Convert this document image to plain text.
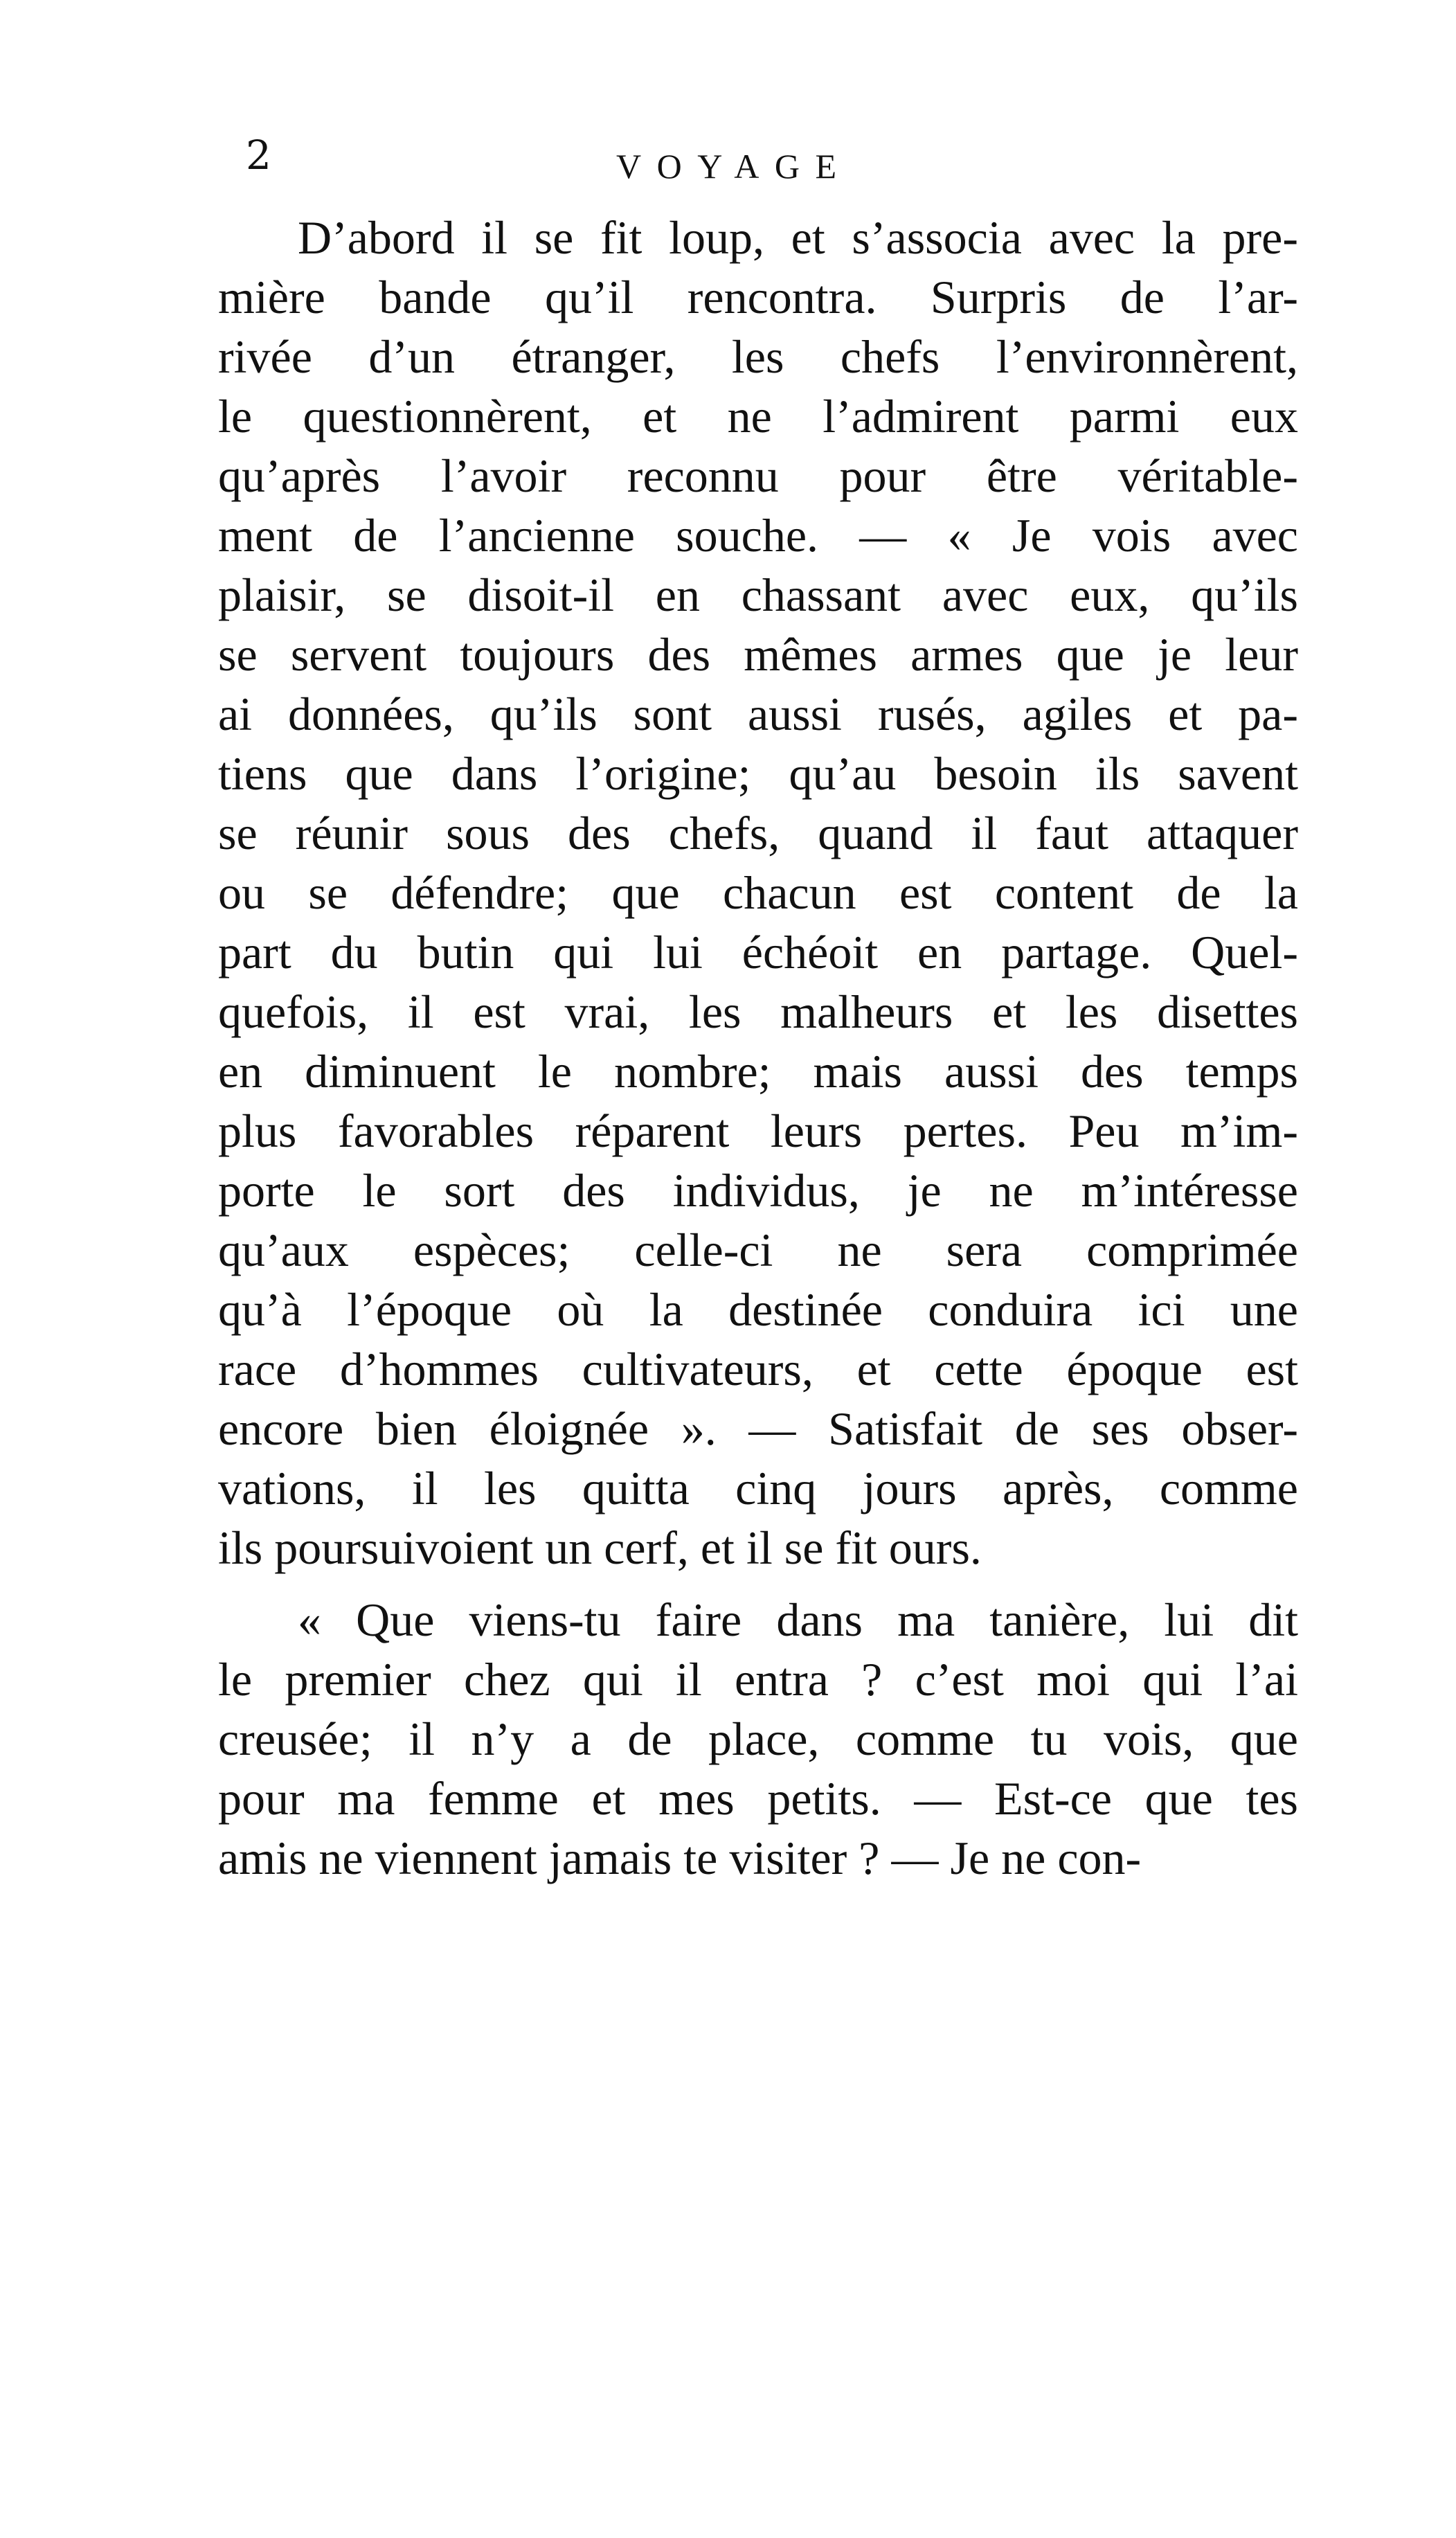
2	VOYAGE
D’abord il se fit loup, et s’associa avec la pre-
mière bande qu’il rencontra. Surpris de l’ar-
rivée d’un étranger, les chefs l’environnèrent,
le questionnèrent, et ne l’admirent parmi eux
qu’après l’avoir reconnu pour être véritable-
ment de l’ancienne souche. — « Je vois avec
plaisir, se disoit-il en chassant avec eux, qu’ils
se servent toujours des mêmes armes que je leur
ai données, qu’ils sont aussi rusés, agiles et pa-
tiens que dans l’origine; qu’au besoin ils savent
se réunir sous des chefs, quand il faut attaquer
ou se défendre; que chacun est content de la
part du butin qui lui échéoit en partage. Quel-
quefois, il est vrai, les malheurs et les disettes
en diminuent le nombre; mais aussi des temps
plus favorables réparent leurs pertes. Peu m’im-
porte le sort des individus, je ne m’intéresse
qu’aux espèces; celle-ci ne sera comprimée
qu’à l’époque où la destinée conduira ici une
race d’hommes cultivateurs, et cette époque est
encore bien éloignée ». — Satisfait de ses obser-
vations, il les quitta cinq jours après, comme
ils poursuivoient un cerf, et il se fit ours.
« Que viens-tu faire dans ma tanière, lui dit
le premier chez qui il entra ? c’est moi qui l’ai
creusée; il n’y a de place, comme tu vois, que
pour ma femme et mes petits. — Est-ce que tes
amis ne viennent jamais te visiter ? — Je ne con-
